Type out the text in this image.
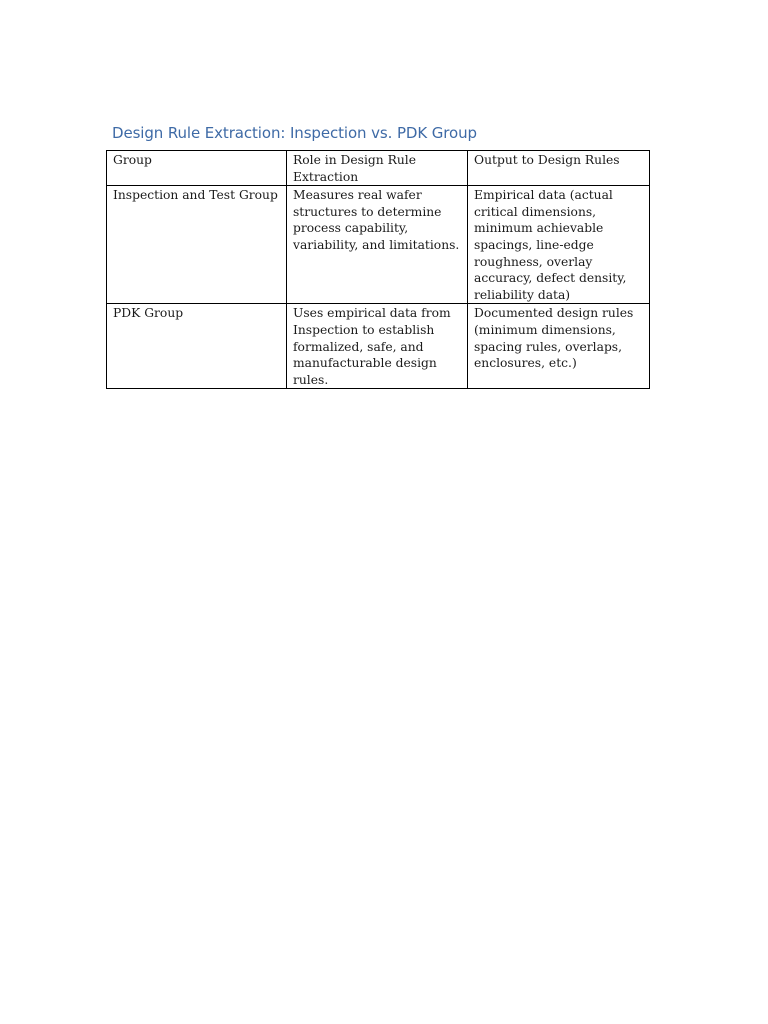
Design Rule Extraction: Inspection vs. PDK Group
Group	Role in Design Rule Extraction	Output to Design Rules
Inspection and Test Group	Measures real wafer structures to determine process capability, variability, and limitations.	Empirical data (actual critical dimensions, minimum achievable spacings, line-edge roughness, overlay accuracy, defect density, reliability data)
PDK Group	Uses empirical data from Inspection to establish formalized, safe, and manufacturable design rules.	Documented design rules (minimum dimensions, spacing rules, overlaps, enclosures, etc.)
